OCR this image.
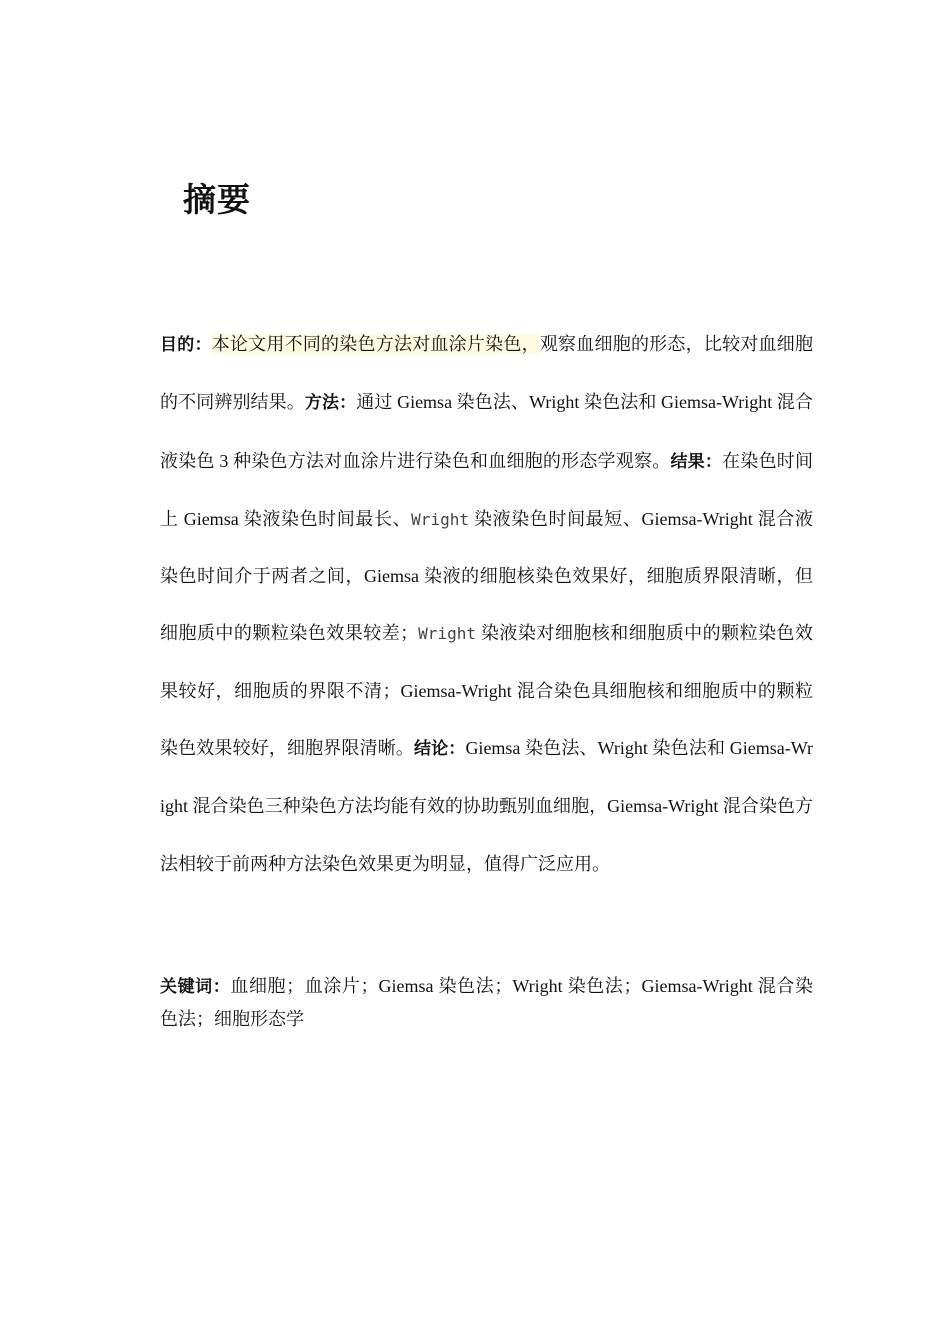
摘要

目的：本论文用不同的染色方法对血涂片染色，观察血细胞的形态，比较对血细胞的不同辨别结果。方法：通过 Giemsa 染色法、Wright 染色法和 Giemsa-Wright 混合液染色 3 种染色方法对血涂片进行染色和血细胞的形态学观察。结果：在染色时间上 Giemsa 染液染色时间最长、Wright 染液染色时间最短、Giemsa-Wright 混合液染色时间介于两者之间，Giemsa 染液的细胞核染色效果好，细胞质界限清晰，但细胞质中的颗粒染色效果较差；Wright 染液染对细胞核和细胞质中的颗粒染色效果较好，细胞质的界限不清；Giemsa-Wright 混合染色具细胞核和细胞质中的颗粒染色效果较好，细胞界限清晰。结论：Giemsa 染色法、Wright 染色法和 Giemsa-Wright 混合染色三种染色方法均能有效的协助甄别血细胞，Giemsa-Wright 混合染色方法相较于前两种方法染色效果更为明显，值得广泛应用。

关键词：血细胞；血涂片；Giemsa 染色法；Wright 染色法；Giemsa-Wright 混合染色法；细胞形态学
